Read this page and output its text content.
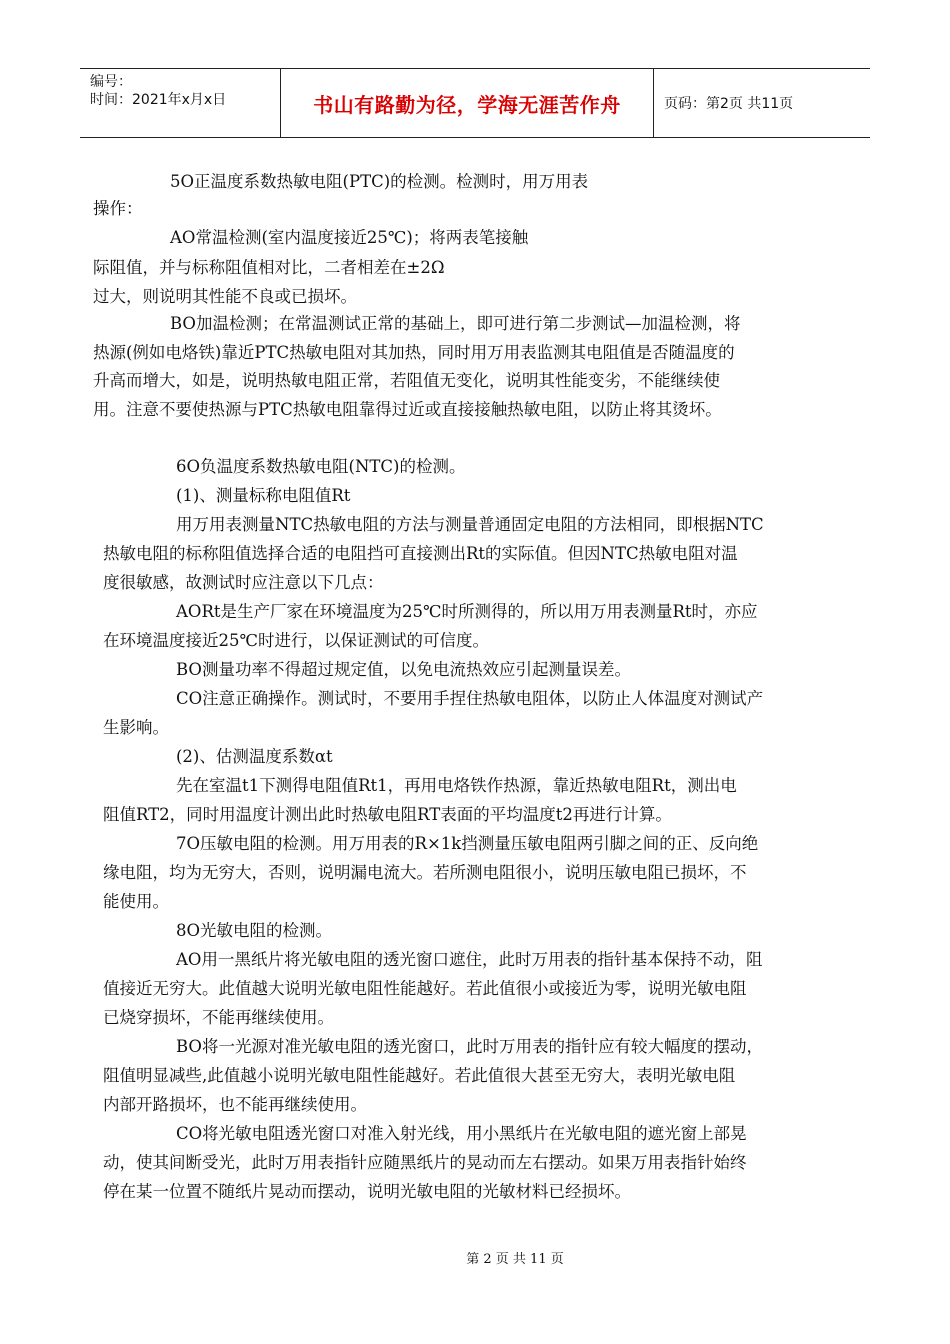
编号：
时间：2021年x月x日	书山有路勤为径，学海无涯苦作舟	页码：第2页 共11页
5O正温度系数热敏电阻(PTC)的检测。检测时，用万用表
操作：
AO常温检测(室内温度接近25℃)；将两表笔接触
际阻值，并与标称阻值相对比，二者相差在±2Ω
过大，则说明其性能不良或已损坏。
BO加温检测；在常温测试正常的基础上，即可进行第二步测试—加温检测，将
热源(例如电烙铁)靠近PTC热敏电阻对其加热，同时用万用表监测其电阻值是否随温度的
升高而增大，如是，说明热敏电阻正常，若阻值无变化，说明其性能变劣，不能继续使
用。注意不要使热源与PTC热敏电阻靠得过近或直接接触热敏电阻，以防止将其烫坏。
6O负温度系数热敏电阻(NTC)的检测。
(1)、测量标称电阻值Rt
用万用表测量NTC热敏电阻的方法与测量普通固定电阻的方法相同，即根据NTC
热敏电阻的标称阻值选择合适的电阻挡可直接测出Rt的实际值。但因NTC热敏电阻对温
度很敏感，故测试时应注意以下几点：
AORt是生产厂家在环境温度为25℃时所测得的，所以用万用表测量Rt时，亦应
在环境温度接近25℃时进行，以保证测试的可信度。
BO测量功率不得超过规定值，以免电流热效应引起测量误差。
CO注意正确操作。测试时，不要用手捏住热敏电阻体，以防止人体温度对测试产
生影响。
(2)、估测温度系数αt
先在室温t1下测得电阻值Rt1，再用电烙铁作热源，靠近热敏电阻Rt，测出电
阻值RT2，同时用温度计测出此时热敏电阻RT表面的平均温度t2再进行计算。
7O压敏电阻的检测。用万用表的R×1k挡测量压敏电阻两引脚之间的正、反向绝
缘电阻，均为无穷大，否则，说明漏电流大。若所测电阻很小，说明压敏电阻已损坏，不
能使用。
8O光敏电阻的检测。
AO用一黑纸片将光敏电阻的透光窗口遮住，此时万用表的指针基本保持不动，阻
值接近无穷大。此值越大说明光敏电阻性能越好。若此值很小或接近为零，说明光敏电阻
已烧穿损坏，不能再继续使用。
BO将一光源对准光敏电阻的透光窗口，此时万用表的指针应有较大幅度的摆动，
阻值明显减些,此值越小说明光敏电阻性能越好。若此值很大甚至无穷大，表明光敏电阻
内部开路损坏，也不能再继续使用。
CO将光敏电阻透光窗口对准入射光线，用小黑纸片在光敏电阻的遮光窗上部晃
动，使其间断受光，此时万用表指针应随黑纸片的晃动而左右摆动。如果万用表指针始终
停在某一位置不随纸片晃动而摆动，说明光敏电阻的光敏材料已经损坏。
第 2 页 共 11 页
